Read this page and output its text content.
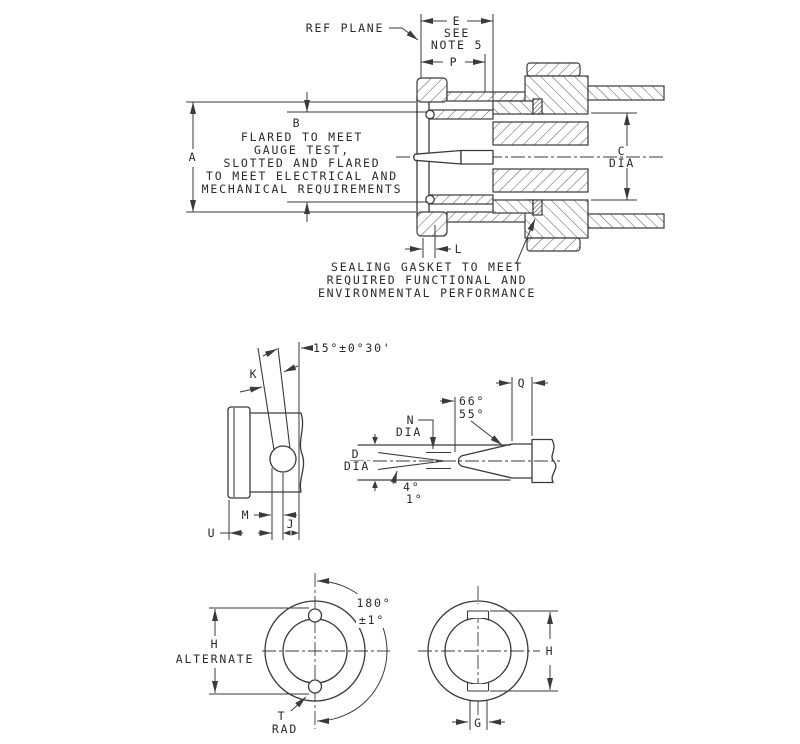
REF PLANE	E
SEE
NOTE 5
P
A
B
FLARED TO MEET
GAUGE TEST,
SLOTTED AND FLARED
TO MEET ELECTRICAL AND
MECHANICAL REQUIREMENTS
C
DIA
L
SEALING GASKET TO MEET
REQUIRED FUNCTIONAL AND
ENVIRONMENTAL PERFORMANCE
15°±0°30'
K
M
U
J
Q
66°
55°
N
DIA
D
DIA
4°
1°
H
ALTERNATE
180°
±1°
T
RAD
H
G
